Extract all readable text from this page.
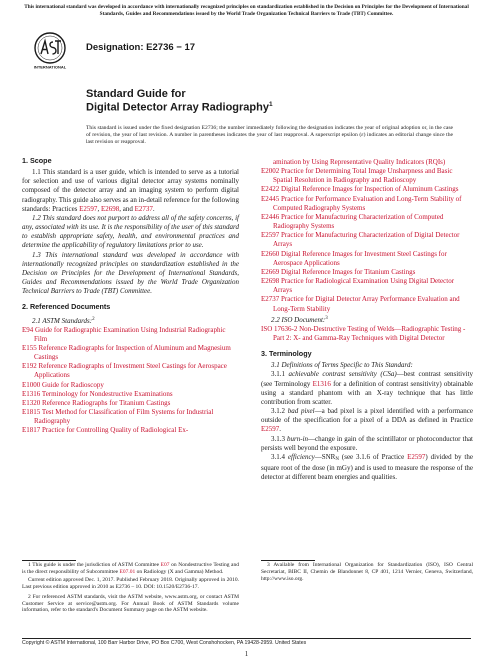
This international standard was developed in accordance with internationally recognized principles on standardization established in the Decision on Principles for the Development of International Standards, Guides and Recommendations issued by the World Trade Organization Technical Barriers to Trade (TBT) Committee.
INTERNATIONAL
Designation: E2736 − 17
Standard Guide for
Digital Detector Array Radiography$^1$
This standard is issued under the fixed designation E2736; the number immediately following the designation indicates the year of original adoption or, in the case of revision, the year of last revision. A number in parentheses indicates the year of last reapproval. A superscript epsilon (ε) indicates an editorial change since the last revision or reapproval.

1. Scope

1.1 This standard is a user guide, which is intended to serve as a tutorial for selection and use of various digital detector array systems nominally composed of the detector array and an imaging system to perform digital radiography. This guide also serves as an in-detail reference for the following standards: Practices E2597, E2698, and E2737.

1.2 This standard does not purport to address all of the safety concerns, if any, associated with its use. It is the responsibility of the user of this standard to establish appropriate safety, health, and environmental practices and determine the applicability of regulatory limitations prior to use.

1.3 This international standard was developed in accordance with internationally recognized principles on standardization established in the Decision on Principles for the Development of International Standards, Guides and Recommendations issued by the World Trade Organization Technical Barriers to Trade (TBT) Committee.

2. Referenced Documents

2.1 ASTM Standards:$^2$

E94 Guide for Radiographic Examination Using Industrial Radiographic Film

E155 Reference Radiographs for Inspection of Aluminum and Magnesium Castings

E192 Reference Radiographs of Investment Steel Castings for Aerospace Applications

E1000 Guide for Radioscopy

E1316 Terminology for Nondestructive Examinations

E1320 Reference Radiographs for Titanium Castings

E1815 Test Method for Classification of Film Systems for Industrial Radiography

E1817 Practice for Controlling Quality of Radiological Ex-

amination by Using Representative Quality Indicators (RQIs)

E2002 Practice for Determining Total Image Unsharpness and Basic Spatial Resolution in Radiography and Radioscopy

E2422 Digital Reference Images for Inspection of Aluminum Castings

E2445 Practice for Performance Evaluation and Long-Term Stability of Computed Radiography Systems

E2446 Practice for Manufacturing Characterization of Computed Radiography Systems

E2597 Practice for Manufacturing Characterization of Digital Detector Arrays

E2660 Digital Reference Images for Investment Steel Castings for Aerospace Applications

E2669 Digital Reference Images for Titanium Castings

E2698 Practice for Radiological Examination Using Digital Detector Arrays

E2737 Practice for Digital Detector Array Performance Evaluation and Long-Term Stability

2.2 ISO Document:$^3$

ISO 17636-2 Non-Destructive Testing of Welds—Radiographic Testing - Part 2: X- and Gamma-Ray Techniques with Digital Detector

3. Terminology

3.1 Definitions of Terms Specific to This Standard:

3.1.1 achievable contrast sensitivity (CSa)—best contrast sensitivity (see Terminology E1316 for a definition of contrast sensitivity) obtainable using a standard phantom with an X-ray technique that has little contribution from scatter.

3.1.2 bad pixel—a bad pixel is a pixel identified with a performance outside of the specification for a pixel of a DDA as defined in Practice E2597.

3.1.3 burn-in—change in gain of the scintillator or photoconductor that persists well beyond the exposure.

3.1.4 $efficiency—SNR_N$ (see 3.1.6 of Practice E2597) divided by the square root of the dose (in mGy) and is used to measure the response of the detector at different beam energies and qualities.

1 This guide is under the jurisdiction of ASTM Committee E07 on Nondestructive Testing and is the direct responsibility of Subcommittee E07.01 on Radiology (X and Gamma) Method.

Current edition approved Dec. 1, 2017. Published February 2018. Originally approved in 2010. Last previous edition approved in 2010 as E2736 – 10. DOI: 10.1520/E2736-17.

2 For referenced ASTM standards, visit the ASTM website, www.astm.org, or contact ASTM Customer Service at service@astm.org. For Annual Book of ASTM Standards volume information, refer to the standard's Document Summary page on the ASTM website.

3 Available from International Organization for Standardization (ISO), ISO Central Secretariat, BIBC II, Chemin de Blandonnet 8, CP 401, 1214 Vernier, Geneva, Switzerland, http://www.iso.org.

Copyright © ASTM International, 100 Barr Harbor Drive, PO Box C700, West Conshohocken, PA 19428-2959. United States
1
